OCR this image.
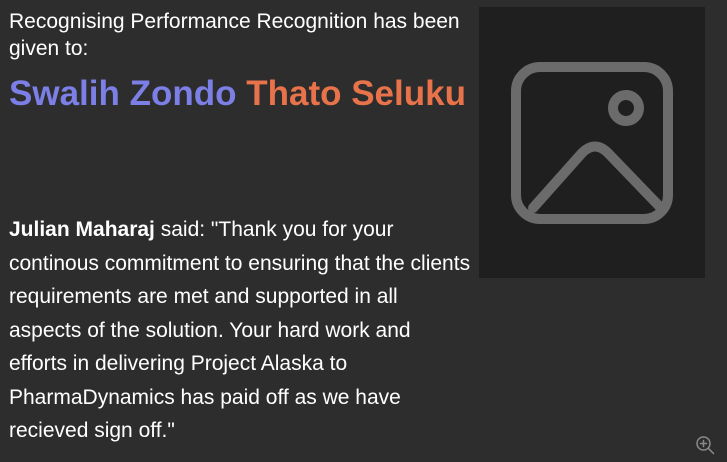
Recognising Performance Recognition has been given to:

Swalih Zondo Thato Seluku

Julian Maharaj said: "Thank you for your continous commitment to ensuring that the clients requirements are met and supported in all aspects of the solution. Your hard work and efforts in delivering Project Alaska to PharmaDynamics has paid off as we have recieved sign off."
